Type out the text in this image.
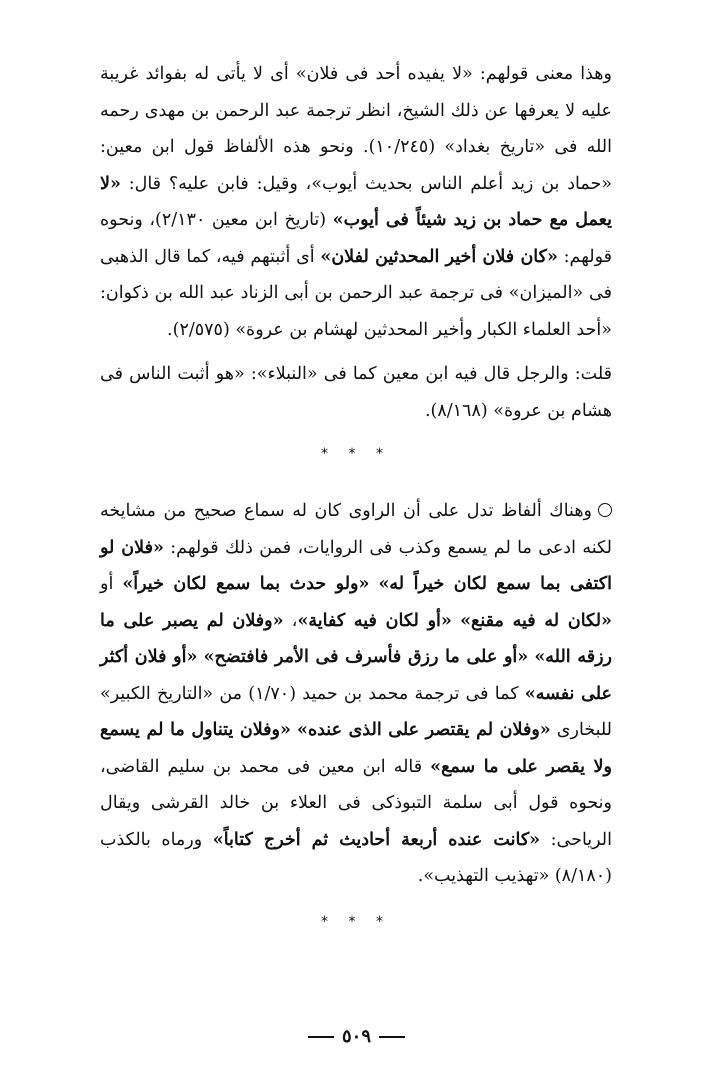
وهذا معنى قولهم: «لا يفيده أحد فى فلان» أى لا يأتى له بفوائد غريبة عليه لا يعرفها عن ذلك الشيخ، انظر ترجمة عبد الرحمن بن مهدى رحمه الله فى «تاريخ بغداد» (١٠/٢٤٥). ونحو هذه الألفاظ قول ابن معين: «حماد بن زيد أعلم الناس بحديث أيوب»، وقيل: فابن عليه؟ قال: «لا يعمل مع حماد بن زيد شيئاً فى أيوب» (تاريخ ابن معين ٢/١٣٠)، ونحوه قولهم: «كان فلان أخير المحدثين لفلان» أى أثبتهم فيه، كما قال الذهبى فى «الميزان» فى ترجمة عبد الرحمن بن أبى الزناد عبد الله بن ذكوان: «أحد العلماء الكبار وأخير المحدثين لهشام بن عروة» (٢/٥٧٥).

قلت: والرجل قال فيه ابن معين كما فى «النبلاء»: «هو أثبت الناس فى هشام بن عروة» (٨/١٦٨).

* * *

وهناك ألفاظ تدل على أن الراوى كان له سماع صحيح من مشايخه لكنه ادعى ما لم يسمع وكذب فى الروايات، فمن ذلك قولهم: «فلان لو اكتفى بما سمع لكان خيراً له» «ولو حدث بما سمع لكان خيراً» أو «لكان له فيه مقنع» «أو لكان فيه كفاية»، «وفلان لم يصبر على ما رزقه الله» «أو على ما رزق فأسرف فى الأمر فافتضح» «أو فلان أكثر على نفسه» كما فى ترجمة محمد بن حميد (١/٧٠) من «التاريخ الكبير» للبخارى «وفلان لم يقتصر على الذى عنده» «وفلان يتناول ما لم يسمع ولا يقصر على ما سمع» قاله ابن معين فى محمد بن سليم القاضى، ونحوه قول أبى سلمة التبوذكى فى العلاء بن خالد القرشى ويقال الرياحى: «كانت عنده أربعة أحاديث ثم أخرج كتاباً» ورماه بالكذب (٨/١٨٠) «تهذيب التهذيب».

* * *
٥٠٩
